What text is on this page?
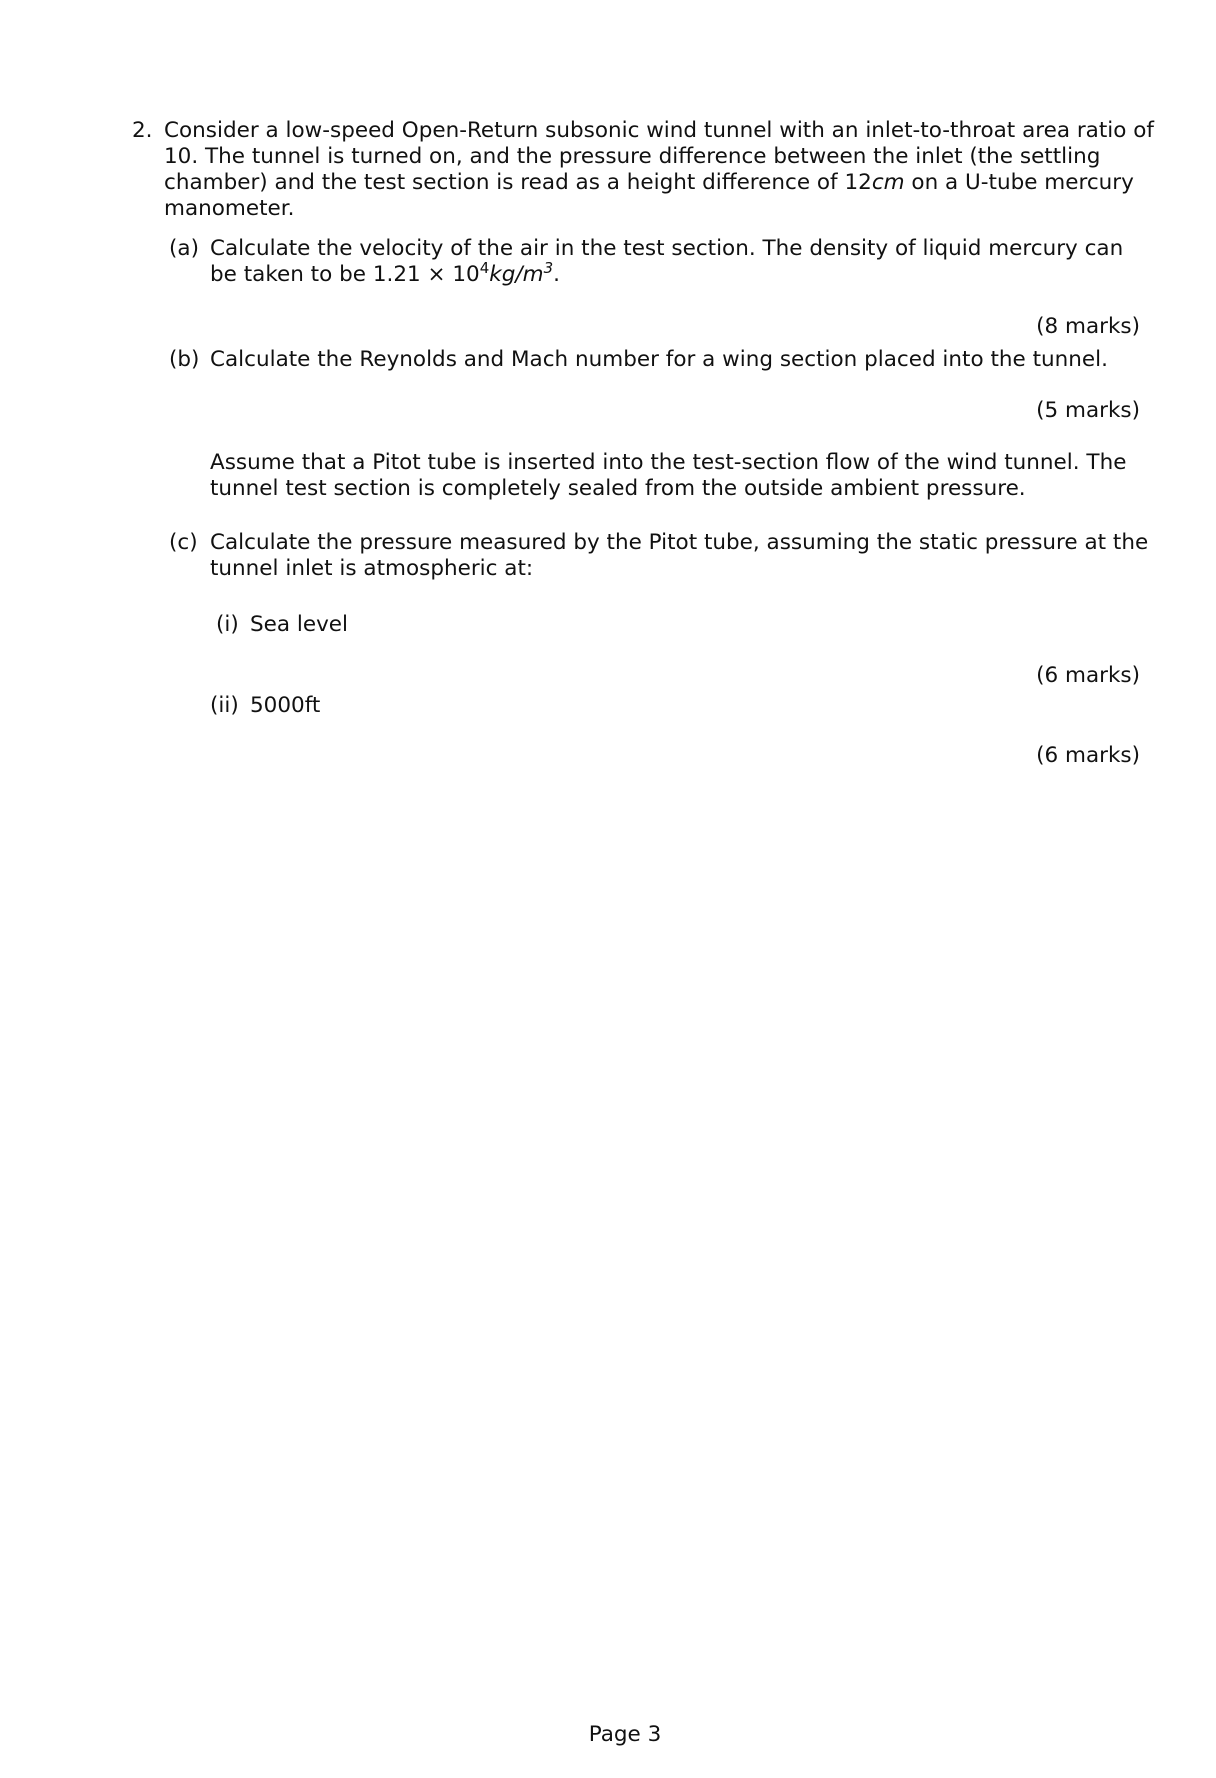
2. Consider a low-speed Open-Return subsonic wind tunnel with an inlet-to-throat area ratio of 10. The tunnel is turned on, and the pressure difference between the inlet (the settling chamber) and the test section is read as a height difference of 12cm on a U-tube mercury manometer.
(a) Calculate the velocity of the air in the test section. The density of liquid mercury can be taken to be $1.21 \times 10^4kg/m^3$.
(8 marks)
(b) Calculate the Reynolds and Mach number for a wing section placed into the tunnel.
(5 marks)
Assume that a Pitot tube is inserted into the test-section flow of the wind tunnel. The tunnel test section is completely sealed from the outside ambient pressure.
(c) Calculate the pressure measured by the Pitot tube, assuming the static pressure at the tunnel inlet is atmospheric at:
(i) Sea level
(6 marks)
(ii) 5000ft
(6 marks)
Page 3
